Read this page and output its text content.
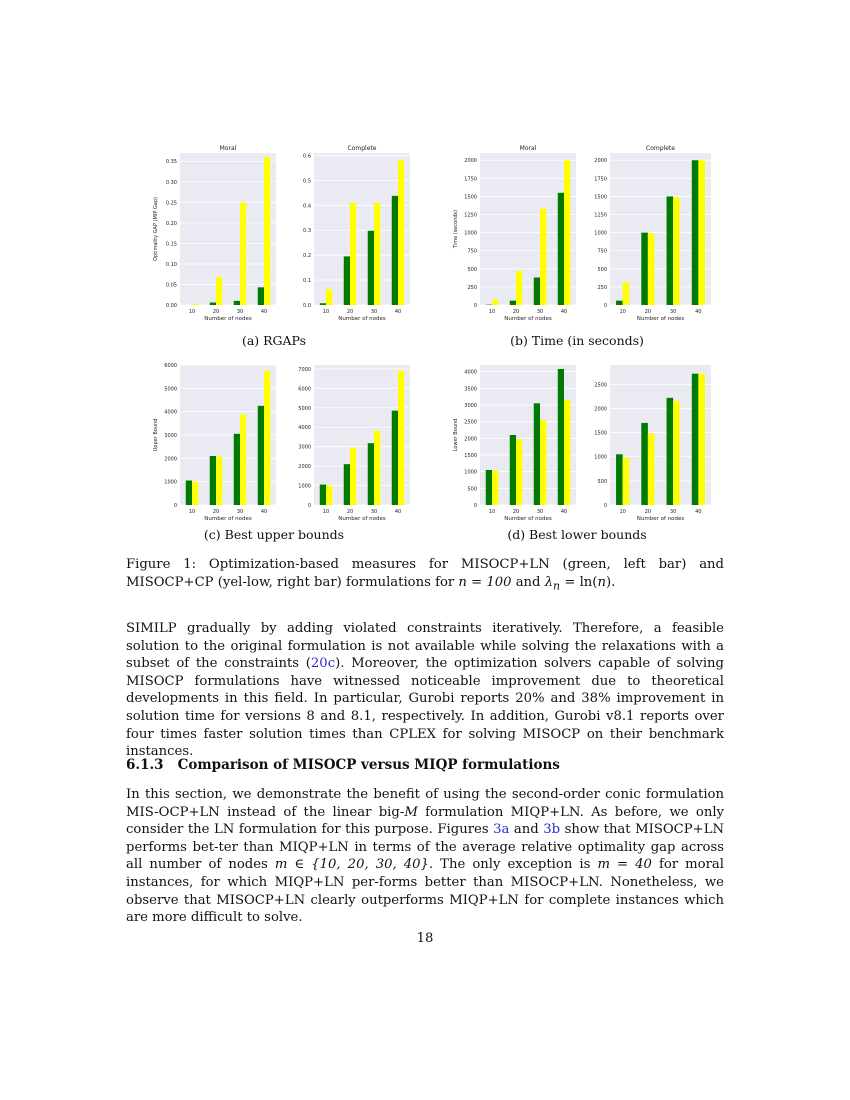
0.00
0.05
0.10
0.15
0.20
0.25
0.30
0.35
10	20	30	40
Number of nodes
Moral
Optimality GAP (MIP Gap)
0.0
0.1
0.2
0.3
0.4
0.5
0.6
10	20	30	40
Number of nodes
Complete
0
250
500
750
1000
1250
1500
1750
2000
10	20	30	40
Number of nodes
Moral
Time (seconds)
0
250
500
750
1000
1250
1500
1750
2000
10	20	30	40
Number of nodes
Complete
0
1000
2000
3000
4000
5000
6000
10	20	30	40
Number of nodes
Upper Bound
0
1000
2000
3000
4000
5000
6000
7000
10	20	30	40
Number of nodes
0
500
1000
1500
2000
2500
3000
3500
4000
10	20	30	40
Number of nodes
Lower Bound
0
500
1000
1500
2000
2500
10	20	30	40
Number of nodes
(a) RGAPs	(b) Time (in seconds)
(c) Best upper bounds	(d) Best lower bounds
Figure 1: Optimization-based measures for MISOCP+LN (green, left bar) and MISOCP+CP (yel-low, right bar) formulations for n = 100 and $\lambda_n = \ln(n)$.

SIMILP gradually by adding violated constraints iteratively. Therefore, a feasible solution to the original formulation is not available while solving the relaxations with a subset of the constraints (20c). Moreover, the optimization solvers capable of solving MISOCP formulations have witnessed noticeable improvement due to theoretical developments in this field. In particular, Gurobi reports 20% and 38% improvement in solution time for versions 8 and 8.1, respectively. In addition, Gurobi v8.1 reports over four times faster solution times than CPLEX for solving MISOCP on their benchmark instances.

6.1.3 Comparison of MISOCP versus MIQP formulations

In this section, we demonstrate the benefit of using the second-order conic formulation MIS-OCP+LN instead of the linear big-M formulation MIQP+LN. As before, we only consider the LN formulation for this purpose. Figures 3a and 3b show that MISOCP+LN performs bet-ter than MIQP+LN in terms of the average relative optimality gap across all number of nodes m ∈ {10, 20, 30, 40}. The only exception is m = 40 for moral instances, for which MIQP+LN per-forms better than MISOCP+LN. Nonetheless, we observe that MISOCP+LN clearly outperforms MIQP+LN for complete instances which are more difficult to solve.

18
